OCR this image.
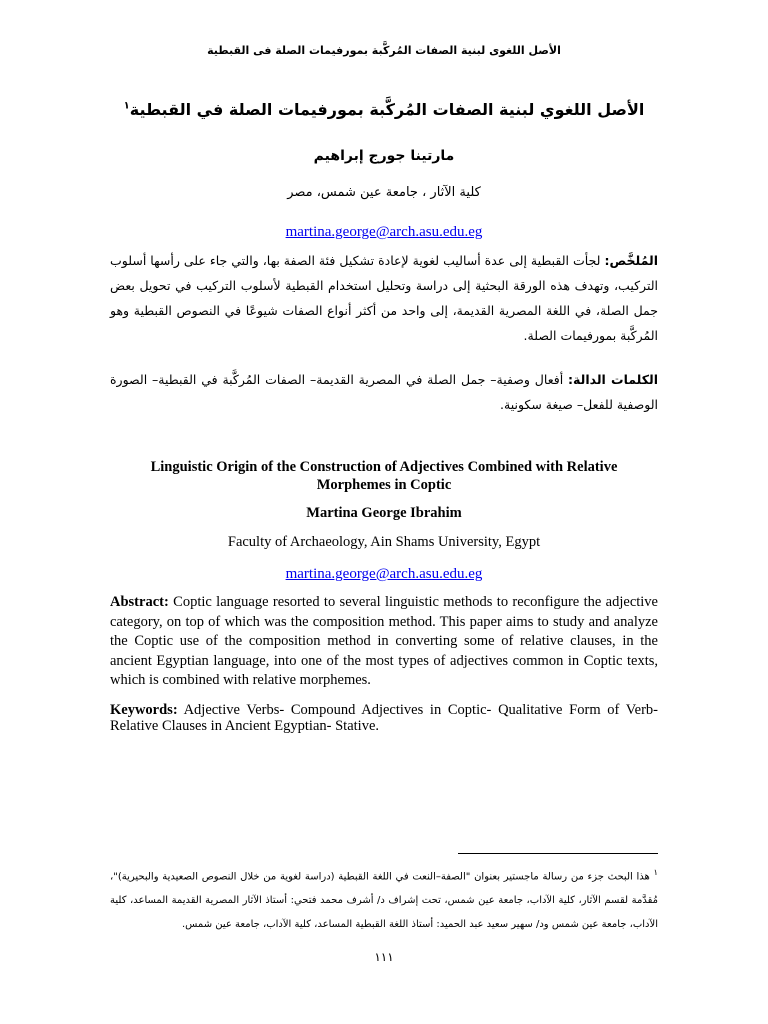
الأصل اللغوى لبنية الصفات المُركَّبة بمورفيمات الصلة فى القبطية
الأصل اللغوي لبنية الصفات المُركَّبة بمورفيمات الصلة في القبطية$^١$
مارتينا جورج إبراهيم
كلية الآثار ، جامعة عين شمس، مصر
martina.george@arch.asu.edu.eg
المُلخَّص: لجأت القبطية إلى عدة أساليب لغوية لإعادة تشكيل فئة الصفة بها، والتي جاء على رأسها أسلوب التركيب، وتهدف هذه الورقة البحثية إلى دراسة وتحليل استخدام القبطية لأسلوب التركيب في تحويل بعض جمل الصلة، في اللغة المصرية القديمة، إلى واحد من أكثر أنواع الصفات شيوعًا في النصوص القبطية وهو المُركَّبة بمورفيمات الصلة.
الكلمات الدالة: أفعال وصفية– جمل الصلة في المصرية القديمة– الصفات المُركَّبة في القبطية– الصورة الوصفية للفعل– صيغة سكونية.
Linguistic Origin of the Construction of Adjectives Combined with Relative Morphemes in Coptic
Martina George Ibrahim
Faculty of Archaeology, Ain Shams University, Egypt
martina.george@arch.asu.edu.eg
Abstract: Coptic language resorted to several linguistic methods to reconfigure the adjective category, on top of which was the composition method. This paper aims to study and analyze the Coptic use of the composition method in converting some of relative clauses, in the ancient Egyptian language, into one of the most types of adjectives common in Coptic texts, which is combined with relative morphemes.
Keywords: Adjective Verbs- Compound Adjectives in Coptic- Qualitative Form of Verb- Relative Clauses in Ancient Egyptian- Stative.
$^١$ هذا البحث جزء من رسالة ماجستير بعنوان "الصفة–النعت في اللغة القبطية (دراسة لغوية من خلال النصوص الصعيدية والبحيرية)"، مُقدَّمة لقسم الآثار، كلية الآداب، جامعة عين شمس، تحت إشراف د/ أشرف محمد فتحي: أستاذ الآثار المصرية القديمة المساعد، كلية الآداب، جامعة عين شمس ود/ سهير سعيد عبد الحميد: أستاذ اللغة القبطية المساعد، كلية الآداب، جامعة عين شمس.
١١١
